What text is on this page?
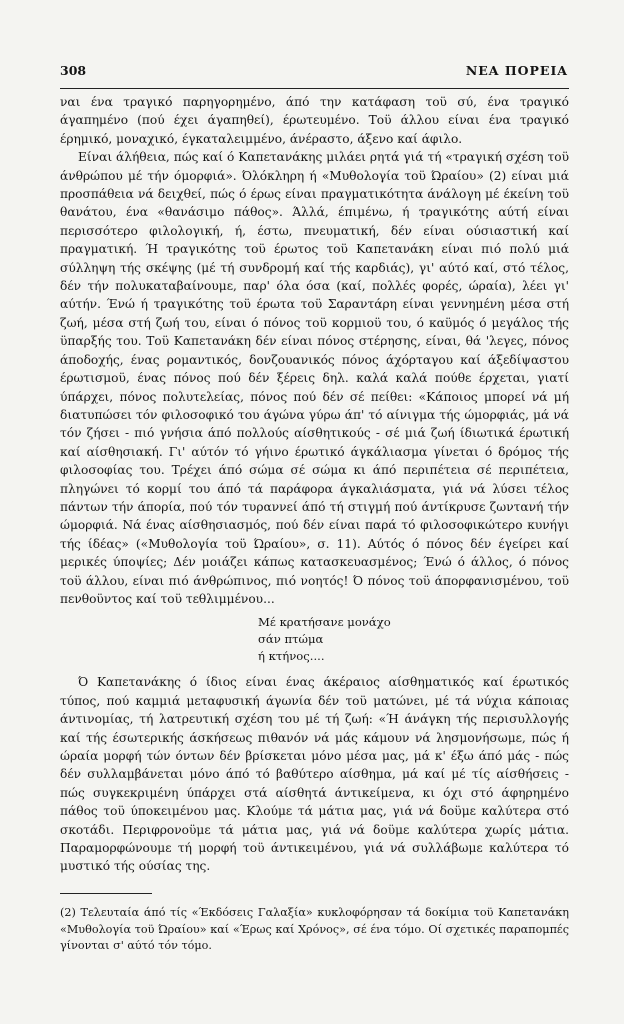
308	ΝΕΑ ΠΟΡΕΙΑ

ναι ένα τραγικό παρηγορημένο, άπό την κατάφαση τοϋ σύ, ένα τραγικό άγαπημένο (πού έχει άγαπηθεί), έρωτευμένο. Τοϋ άλλου είναι ένα τραγικό έρημικό, μοναχικό, έγκαταλειμμένο, άνέραστο, άξενο καί άφιλο.

Είναι άλήθεια, πώς καί ό Καπετανάκης μιλάει ρητά γιά τή «τραγική σχέση τοϋ άνθρώπου μέ τήν όμορφιά». Όλόκληρη ή «Μυθολογία τοϋ Ώραίου» (2) είναι μιά προσπάθεια νά δειχθεί, πώς ό έρως είναι πραγματικότητα άνάλογη μέ έκείνη τοϋ θανάτου, ένα «θανάσιμο πάθος». Άλλά, έπιμένω, ή τραγικότης αύτή είναι περισσότερο φιλολογική, ή, έστω, πνευματική, δέν είναι ούσιαστική καί πραγματική. Ή τραγικότης τοϋ έρωτος τοϋ Καπετανάκη είναι πιό πολύ μιά σύλληψη τής σκέψης (μέ τή συνδρομή καί τής καρδιάς), γι' αύτό καί, στό τέλος, δέν τήν πολυκαταβαίνουμε, παρ' όλα όσα (καί, πολλές φορές, ώραία), λέει γι' αύτήν. Ένώ ή τραγικότης τοϋ έρωτα τοϋ Σαραντάρη είναι γεννημένη μέσα στή ζωή, μέσα στή ζωή του, είναι ό πόνος τοϋ κορμιοϋ του, ό καϋμός ό μεγάλος τής ϋπαρξής του. Τοϋ Καπετανάκη δέν είναι πόνος στέρησης, είναι, θά 'λεγες, πόνος άποδοχής, ένας ρομαντικός, δονζουανικός πόνος άχόρταγου καί άξεδίψαστου έρωτισμοϋ, ένας πόνος πού δέν ξέρεις δηλ. καλά καλά πούθε έρχεται, γιατί ύπάρχει, πόνος πολυτελείας, πόνος πού δέν σέ πείθει: «Κάποιος μπορεί νά μή διατυπώσει τόν φιλοσοφικό του άγώνα γύρω άπ' τό αίνιγμα τής ώμορφιάς, μά νά τόν ζήσει - πιό γνήσια άπό πολλούς αίσθητικούς - σέ μιά ζωή ίδιωτικά έρωτική καί αίσθησιακή. Γι' αύτόν τό γήινο έρωτικό άγκάλιασμα γίνεται ό δρόμος τής φιλοσοφίας του. Τρέχει άπό σώμα σέ σώμα κι άπό περιπέτεια σέ περιπέτεια, πληγώνει τό κορμί του άπό τά παράφορα άγκαλιάσματα, γιά νά λύσει τέλος πάντων τήν άπορία, πού τόν τυραννεί άπό τή στιγμή πού άντίκρυσε ζωντανή τήν ώμορφιά. Νά ένας αίσθησιασμός, πού δέν είναι παρά τό φιλοσοφικώτερο κυνήγι τής ίδέας» («Μυθολογία τοϋ Ώραίου», σ. 11). Αύτός ό πόνος δέν έγείρει καί μερικές ύποψίες; Δέν μοιάζει κάπως κατασκευασμένος; Ένώ ό άλλος, ό πόνος τοϋ άλλου, είναι πιό άνθρώπινος, πιό νοητός! Ό πόνος τοϋ άπορφανισμένου, τοϋ πενθοϋντος καί τοϋ τεθλιμμένου...

Μέ κρατήσανε μονάχο
σάν πτώμα
ή κτήνος....

Ό Καπετανάκης ό ίδιος είναι ένας άκέραιος αίσθηματικός καί έρωτικός τύπος, πού καμμιά μεταφυσική άγωνία δέν τοϋ ματώνει, μέ τά νύχια κάποιας άντινομίας, τή λατρευτική σχέση του μέ τή ζωή: «Ή άνάγκη τής περισυλλογής καί τής έσωτερικής άσκήσεως πιθανόν νά μάς κάμουν νά λησμονήσωμε, πώς ή ώραία μορφή τών όντων δέν βρίσκεται μόνο μέσα μας, μά κ' έξω άπό μάς - πώς δέν συλλαμβάνεται μόνο άπό τό βαθύτερο αίσθημα, μά καί μέ τίς αίσθήσεις - πώς συγκεκριμένη ύπάρχει στά αίσθητά άντικείμενα, κι όχι στό άφηρημένο πάθος τοϋ ύποκειμένου μας. Κλούμε τά μάτια μας, γιά νά δοϋμε καλύτερα στό σκοτάδι. Περιφρονοϋμε τά μάτια μας, γιά νά δοϋμε καλύτερα χωρίς μάτια. Παραμορφώνουμε τή μορφή τοϋ άντικειμένου, γιά νά συλλάβωμε καλύτερα τό μυστικό τής ούσίας της.

(2) Τελευταία άπό τίς «Έκδόσεις Γαλαξία» κυκλοφόρησαν τά δοκίμια τοϋ Καπετανάκη «Μυθολογία τοϋ Ώραίου» καί «Έρως καί Χρόνος», σέ ένα τόμο. Οί σχετικές παραπομπές γίνονται σ' αύτό τόν τόμο.
